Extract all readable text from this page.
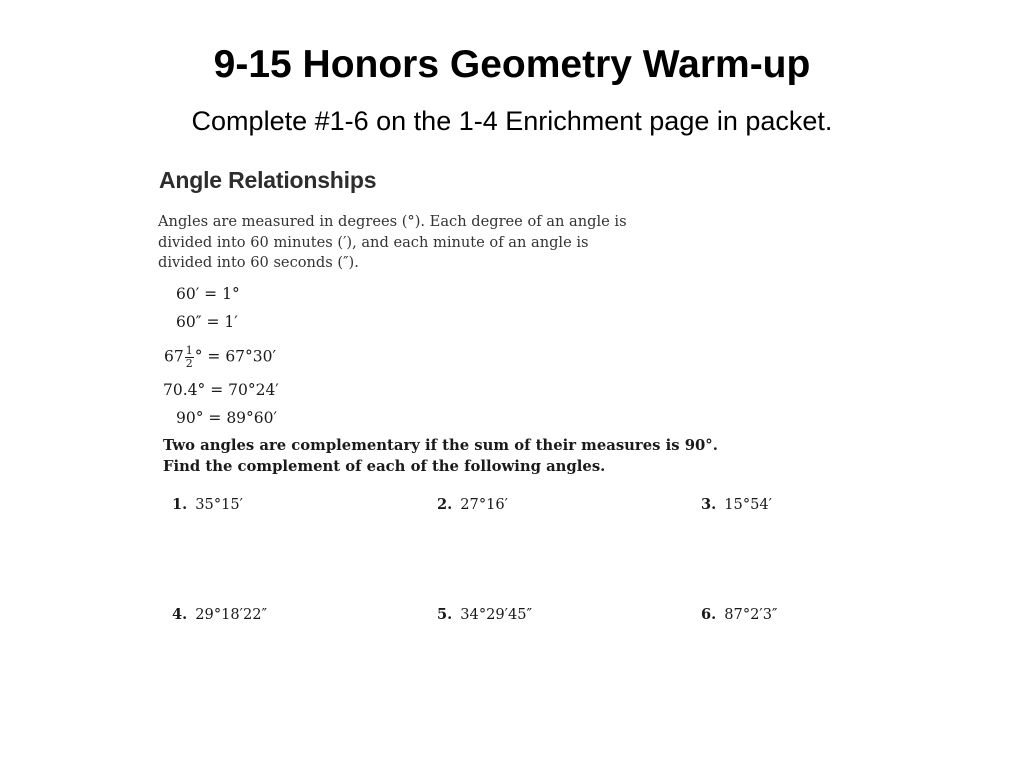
9-15 Honors Geometry Warm-up

Complete #1-6 on the 1-4 Enrichment page in packet.

Angle Relationships
Angles are measured in degrees (°). Each degree of an angle is
divided into 60 minutes (′), and each minute of an angle is
divided into 60 seconds (″).
60′ = 1°
60″ = 1′
$67 \frac{1}{2}$ ° = 67°30′
70.4° = 70°24′
90° = 89°60′
Two angles are complementary if the sum of their measures is 90°.
Find the complement of each of the following angles.
1. 35°15′	2. 27°16′	3. 15°54′
4. 29°18′22″	5. 34°29′45″	6. 87°2′3″
